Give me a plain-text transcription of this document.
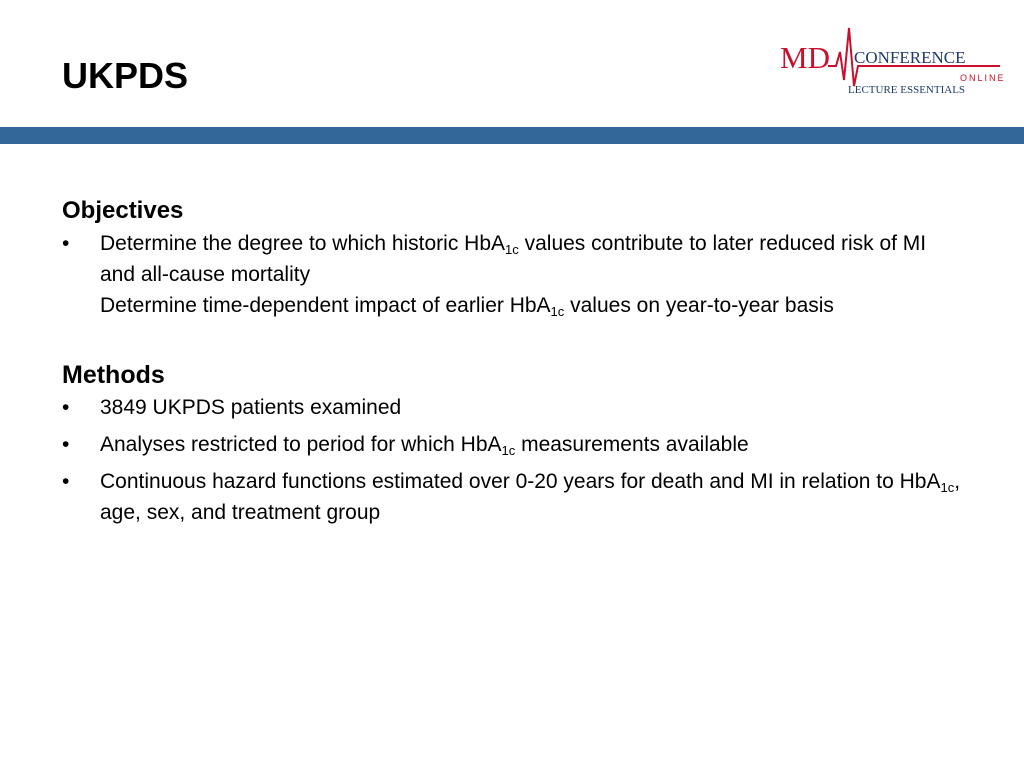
UKPDS	MD CONFERENCE
ONLINE
LECTURE ESSENTIALS
Objectives
• Determine the degree to which historic HbA$_{1c}$ values contribute to later reduced risk of MI and all-cause mortality
Determine time-dependent impact of earlier HbA$_{1c}$ values on year-to-year basis
Methods
• 3849 UKPDS patients examined
• Analyses restricted to period for which HbA$_{1c}$ measurements available
• Continuous hazard functions estimated over 0-20 years for death and MI in relation to HbA$_{1c}$, age, sex, and treatment group
